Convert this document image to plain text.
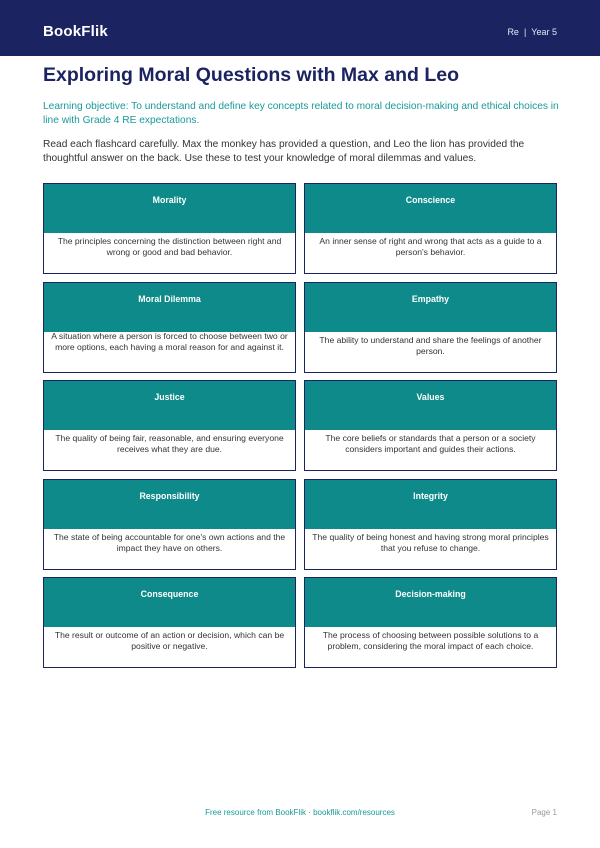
BookFlik	Re | Year 5
Exploring Moral Questions with Max and Leo

Learning objective: To understand and define key concepts related to moral decision-making and ethical choices in line with Grade 4 RE expectations.

Read each flashcard carefully. Max the monkey has provided a question, and Leo the lion has provided the thoughtful answer on the back. Use these to test your knowledge of moral dilemmas and values.

Morality
The principles concerning the distinction between right and wrong or good and bad behavior.
Conscience
An inner sense of right and wrong that acts as a guide to a person's behavior.
Moral Dilemma
A situation where a person is forced to choose between two or more options, each having a moral reason for and against it.
Empathy
The ability to understand and share the feelings of another person.
Justice
The quality of being fair, reasonable, and ensuring everyone receives what they are due.
Values
The core beliefs or standards that a person or a society considers important and guides their actions.
Responsibility
The state of being accountable for one's own actions and the impact they have on others.
Integrity
The quality of being honest and having strong moral principles that you refuse to change.
Consequence
The result or outcome of an action or decision, which can be positive or negative.
Decision-making
The process of choosing between possible solutions to a problem, considering the moral impact of each choice.
Free resource from BookFlik · bookflik.com/resources	Page 1
